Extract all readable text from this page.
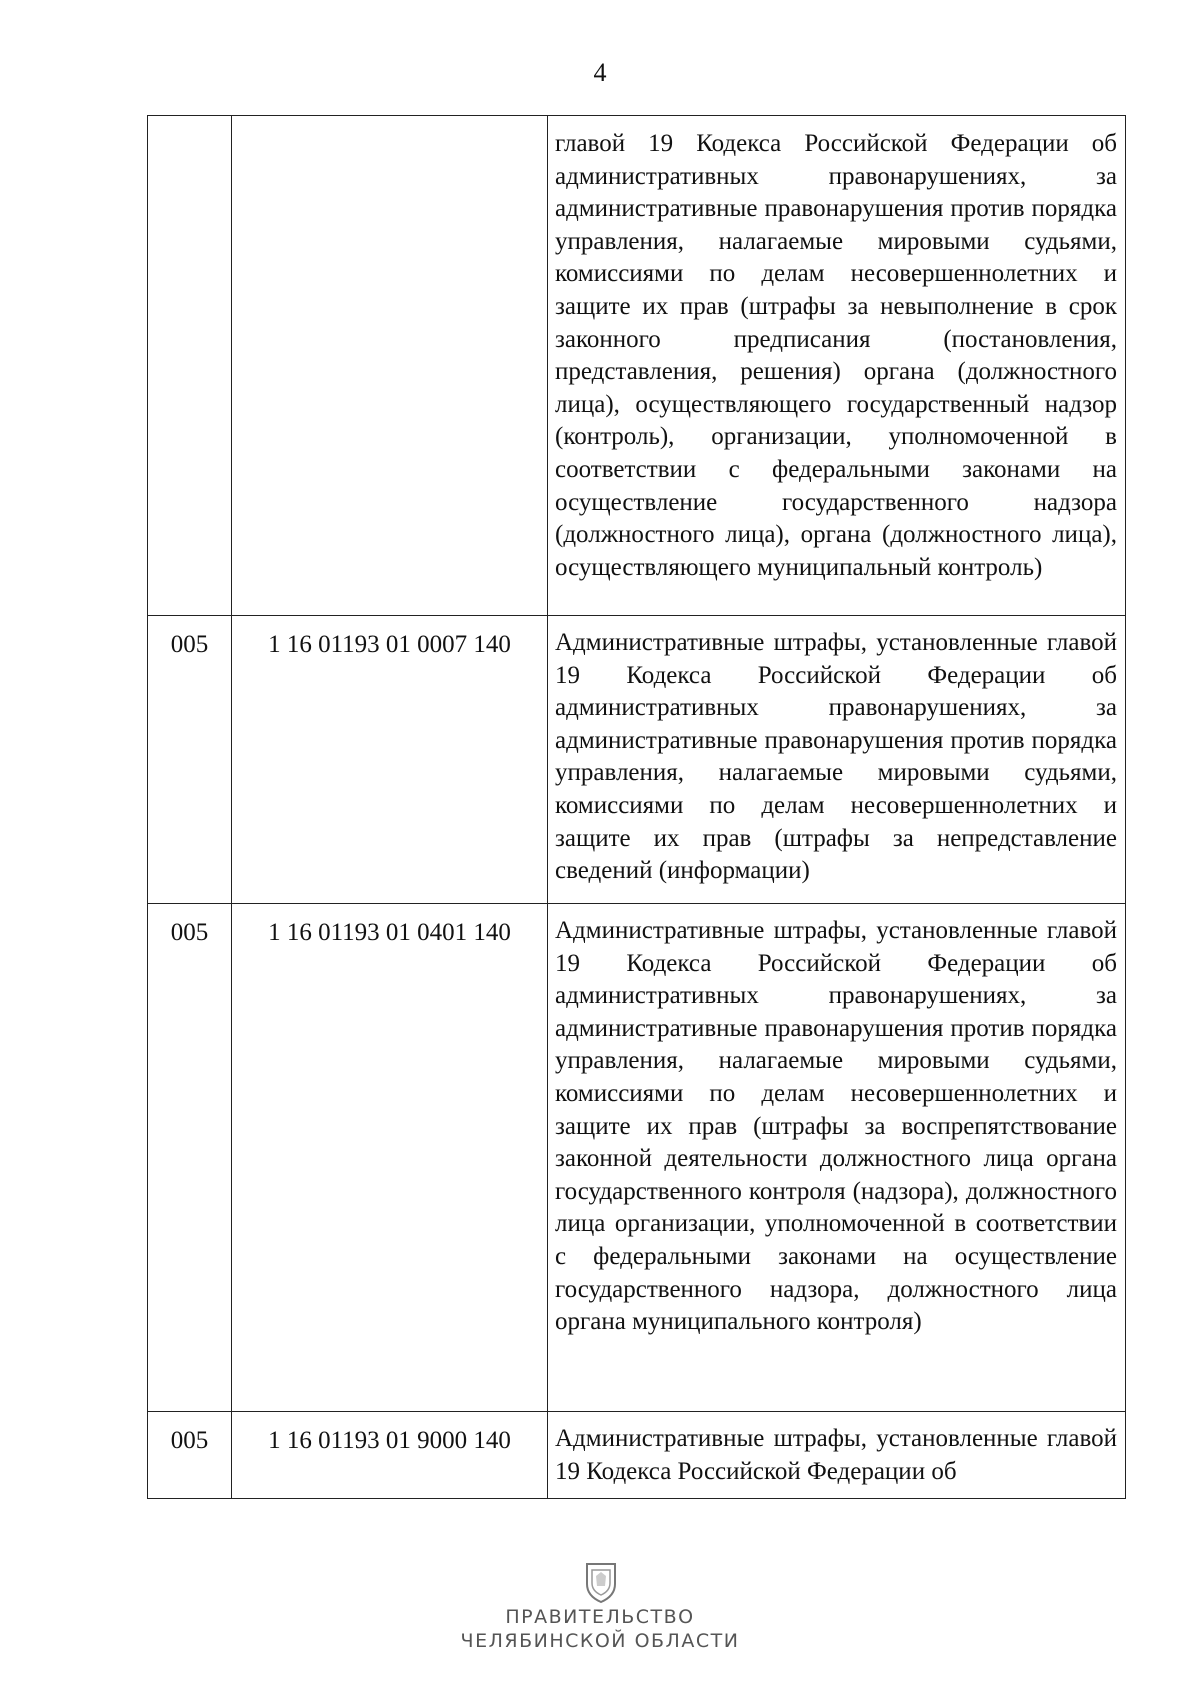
4

		главой 19 Кодекса Российской Федерации об административных правонарушениях, за административные правонарушения против порядка управления, налагаемые мировыми судьями, комиссиями по делам несовершеннолетних и защите их прав (штрафы за невыполнение в срок законного предписания (постановления, представления, решения) органа (должностного лица), осуществляющего государственный надзор (контроль), организации, уполномоченной в соответствии с федеральными законами на осуществление государственного надзора (должностного лица), органа (должностного лица), осуществляющего муниципальный контроль)

005	1 16 01193 01 0007 140	Административные штрафы, установленные главой 19 Кодекса Российской Федерации об административных правонарушениях, за административные правонарушения против порядка управления, налагаемые мировыми судьями, комиссиями по делам несовершеннолетних и защите их прав (штрафы за непредставление сведений (информации)

005	1 16 01193 01 0401 140	Административные штрафы, установленные главой 19 Кодекса Российской Федерации об административных правонарушениях, за административные правонарушения против порядка управления, налагаемые мировыми судьями, комиссиями по делам несовершеннолетних и защите их прав (штрафы за воспрепятствование законной деятельности должностного лица органа государственного контроля (надзора), должностного лица организации, уполномоченной в соответствии с федеральными законами на осуществление государственного надзора, должностного лица органа муниципального контроля)

005	1 16 01193 01 9000 140	Административные штрафы, установленные главой 19 Кодекса Российской Федерации об
ПРАВИТЕЛЬСТВО
ЧЕЛЯБИНСКОЙ ОБЛАСТИ
